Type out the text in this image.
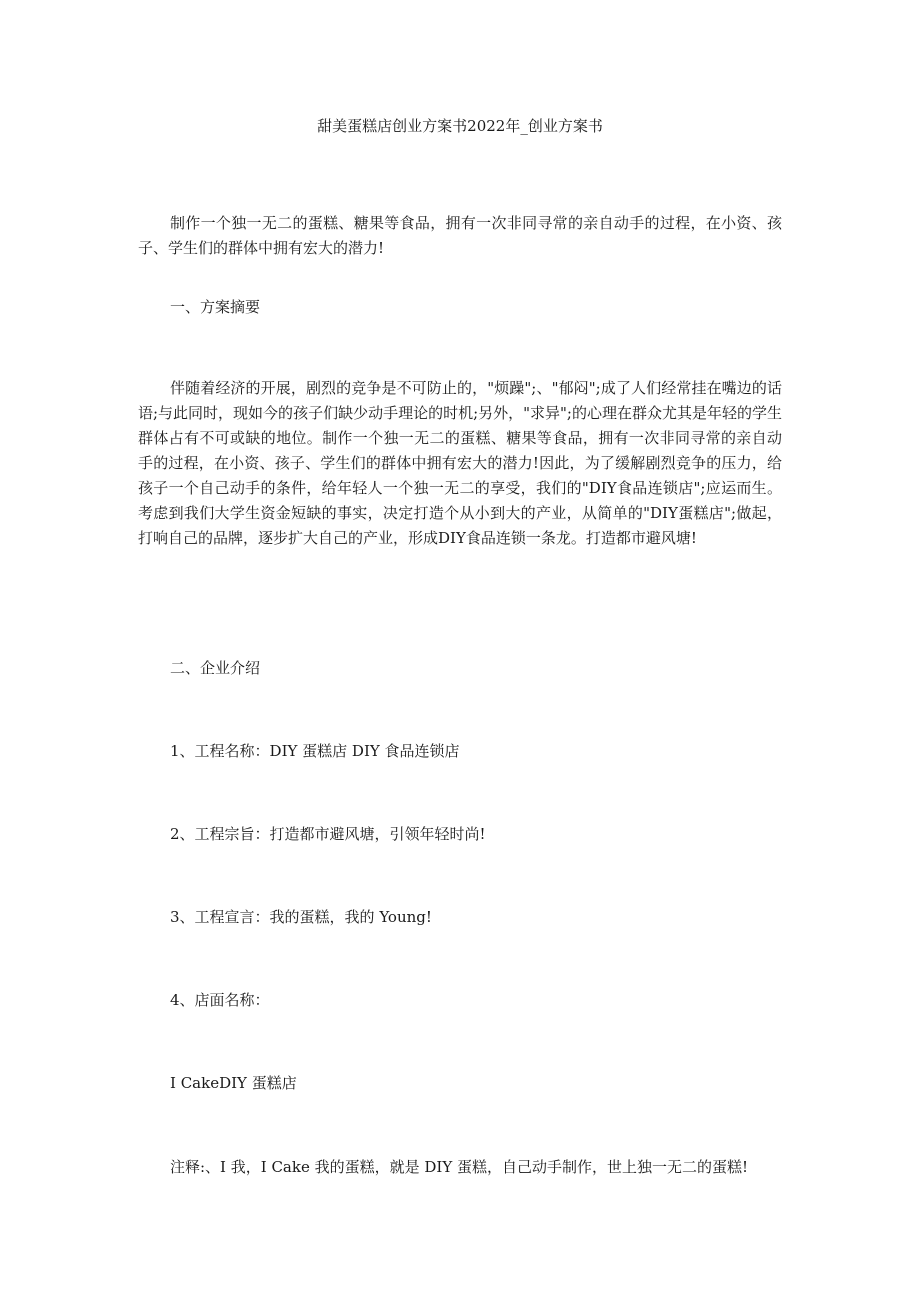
甜美蛋糕店创业方案书2022年_创业方案书
制作一个独一无二的蛋糕、糖果等食品，拥有一次非同寻常的亲自动手的过程，在小资、孩子、学生们的群体中拥有宏大的潜力!
一、方案摘要
伴随着经济的开展，剧烈的竞争是不可防止的，"烦躁";、"郁闷";成了人们经常挂在嘴边的话语;与此同时，现如今的孩子们缺少动手理论的时机;另外，"求异";的心理在群众尤其是年轻的学生群体占有不可或缺的地位。制作一个独一无二的蛋糕、糖果等食品，拥有一次非同寻常的亲自动手的过程，在小资、孩子、学生们的群体中拥有宏大的潜力!因此，为了缓解剧烈竞争的压力，给孩子一个自己动手的条件，给年轻人一个独一无二的享受，我们的"DIY食品连锁店";应运而生。考虑到我们大学生资金短缺的事实，决定打造个从小到大的产业，从简单的"DIY蛋糕店";做起，打响自己的品牌，逐步扩大自己的产业，形成DIY食品连锁一条龙。打造都市避风塘!
二、企业介绍
1、工程名称：DIY 蛋糕店 DIY 食品连锁店
2、工程宗旨：打造都市避风塘，引领年轻时尚!
3、工程宣言：我的蛋糕，我的 Young!
4、店面名称：
I CakeDIY 蛋糕店
注释:、I 我，I Cake 我的蛋糕，就是 DIY 蛋糕，自己动手制作，世上独一无二的蛋糕!
